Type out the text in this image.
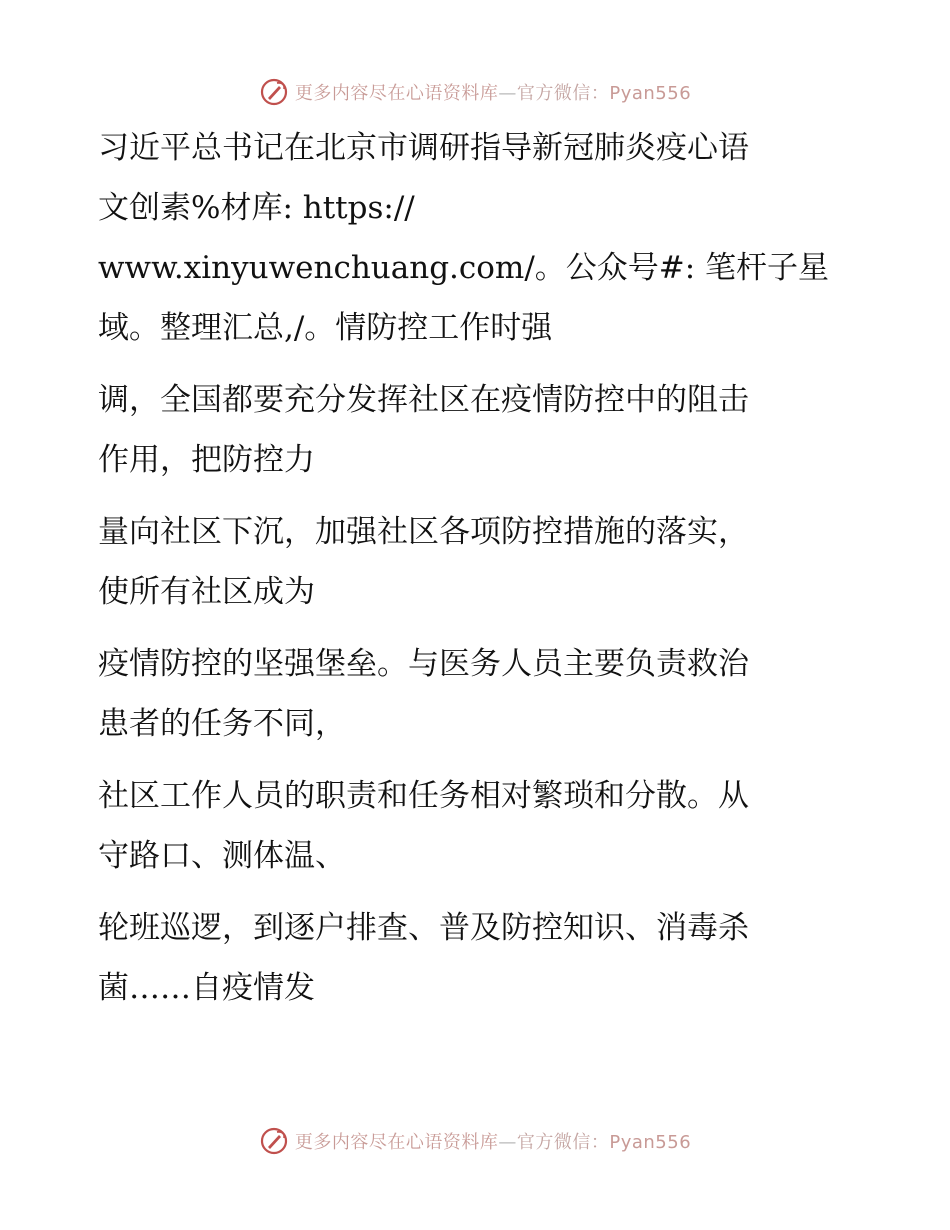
更多内容尽在心语资料库—官方微信：Pyan556
习近平总书记在北京市调研指导新冠肺炎疫心语
文创素%材库: https://
www.xinyuwenchuang.com/。公众号#: 笔杆子星
域。整理汇总,/。情防控工作时强
调，全国都要充分发挥社区在疫情防控中的阻击
作用，把防控力
量向社区下沉，加强社区各项防控措施的落实，
使所有社区成为
疫情防控的坚强堡垒。与医务人员主要负责救治
患者的任务不同，
社区工作人员的职责和任务相对繁琐和分散。从
守路口、测体温、
轮班巡逻，到逐户排查、普及防控知识、消毒杀
菌……自疫情发
更多内容尽在心语资料库—官方微信：Pyan556
